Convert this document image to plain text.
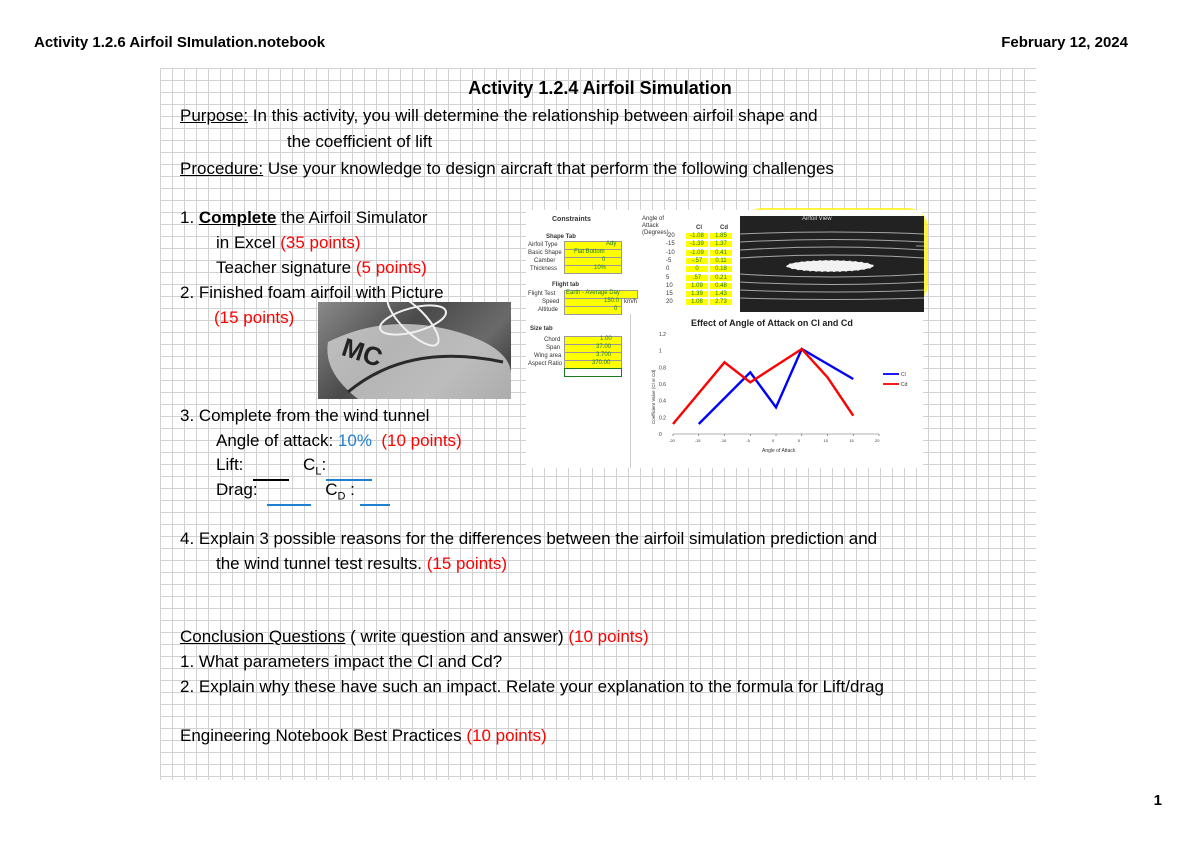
Activity 1.2.6 Airfoil SImulation.notebook	February 12, 2024
1
Activity 1.2.4 Airfoil Simulation
Purpose: In this activity, you will determine the relationship between airfoil shape and
the coefficient of lift
Procedure: Use your knowledge to design aircraft that perform the following challenges
1. Complete the Airfoil Simulator
in Excel (35 points)
Teacher signature (5 points)
2. Finished foam airfoil with Picture
(15 points)
MC
3. Complete from the wind tunnel
Angle of attack: 10% (10 points)
Lift:	$C_L$:
Drag:	$C_D$ :
4. Explain 3 possible reasons for the differences between the airfoil simulation prediction and
the wind tunnel test results. (15 points)
Conclusion Questions ( write question and answer) (10 points)
1. What parameters impact the Cl and Cd?
2. Explain why these have such an impact. Relate your explanation to the formula for Lift/drag
Engineering Notebook Best Practices (10 points)
Constraints
Shape Tab
Airfoil Type	Ady
Basic Shape Flat Bottom
Camber	0
Thickness	10%
Flight tab
Flight Test Earth - Average Day
Speed	150.0 km/h
Altitude	0
Size tab
Chord	1.00
Span	37.00
Wing area	3.700
Aspect Ratio	370.00
Angle of Attack (Degrees)
Cl	Cd
-20	-1.08	1.85
-15	-1.39	1.37
-10	-1.09	0.41
-5	-.57	0.11
0	0	0.18
5	.57	0.21
10	1.09	0.48
15	1.39	1.43
20	1.08	2.73
Airfoil View
Effect of Angle of Attack on Cl and Cd
0
0.2
0.4
0.6
0.8
1
1.2
-20	-15	-10	-5	0	5	10	15	20
Angle of Attack
Coefficient Value (Cl or Cd)	Cl
Cd
